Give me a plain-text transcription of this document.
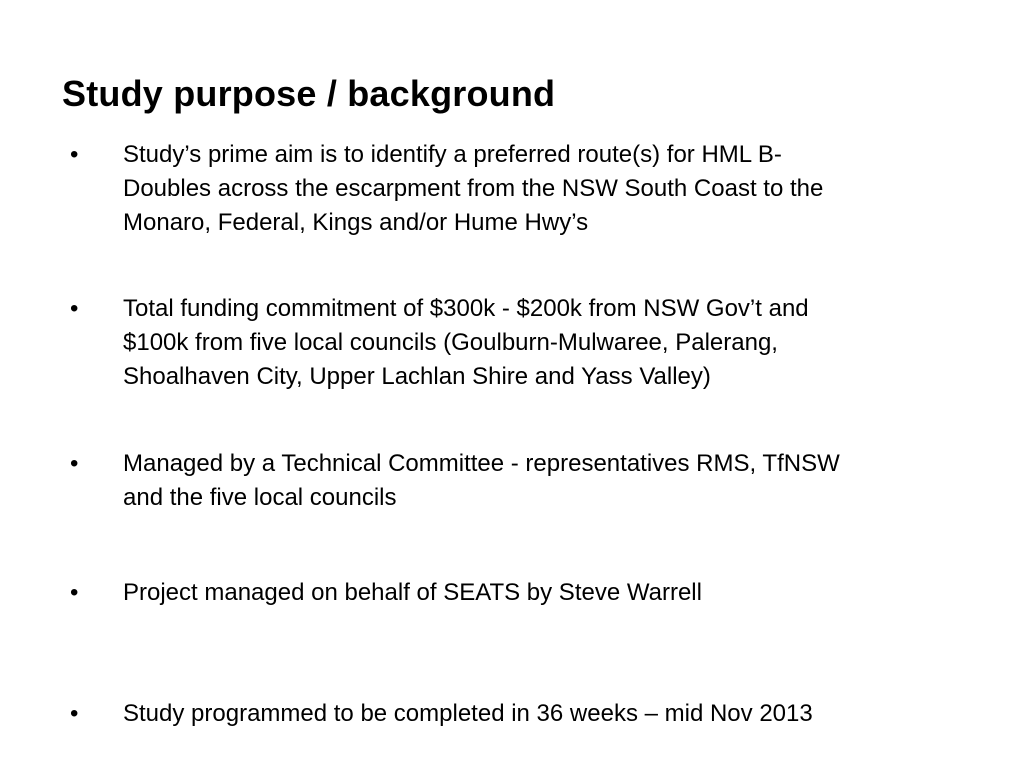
Study purpose / background
•	Study’s prime aim is to identify a preferred route(s) for HML B-
Doubles across the escarpment from the NSW South Coast to the
Monaro, Federal, Kings and/or Hume Hwy’s
•	Total funding commitment of $300k - $200k from NSW Gov’t and
$100k from five local councils (Goulburn-Mulwaree, Palerang,
Shoalhaven City, Upper Lachlan Shire and Yass Valley)
•	Managed by a Technical Committee - representatives RMS, TfNSW
and the five local councils
•	Project managed on behalf of SEATS by Steve Warrell
•	Study programmed to be completed in 36 weeks – mid Nov 2013
